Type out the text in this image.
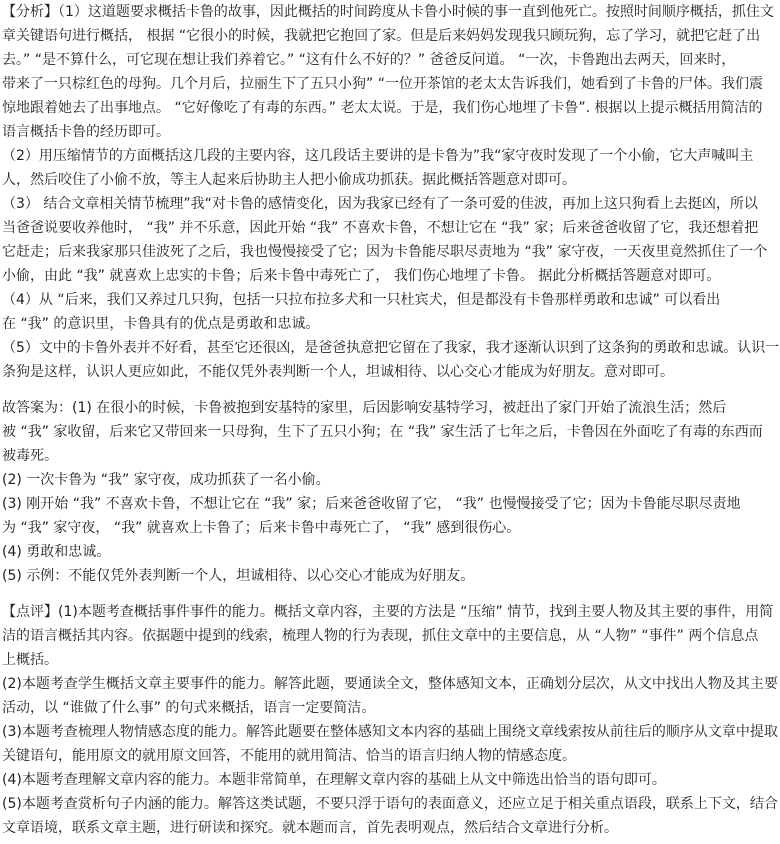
【分析】（1）这道题要求概括卡鲁的故事，因此概括的时间跨度从卡鲁小时候的事一直到他死亡。按照时间顺序概括，抓住文
章关键语句进行概括， 根据 “它很小的时候，我就把它抱回了家。但是后来妈妈发现我只顾玩狗，忘了学习，就把它赶了出
去。” “是不算什么，可它现在想让我们养着它。” “这有什么不好的？” 爸爸反问道。 “一次，卡鲁跑出去两天，回来时，
带来了一只棕红色的母狗。几个月后，拉丽生下了五只小狗” “一位开茶馆的老太太告诉我们，她看到了卡鲁的尸体。我们震
惊地跟着她去了出事地点。 “它好像吃了有毒的东西。” 老太太说。于是，我们伤心地埋了卡鲁”. 根据以上提示概括用简洁的
语言概括卡鲁的经历即可。
（2）用压缩情节的方面概括这几段的主要内容，这几段话主要讲的是卡鲁为”我“家守夜时发现了一个小偷，它大声喊叫主
人，然后咬住了小偷不放，等主人起来后协助主人把小偷成功抓获。据此概括答题意对即可。
（3） 结合文章相关情节梳理”我“对卡鲁的感情变化，因为我家已经有了一条可爱的佳波，再加上这只狗看上去挺凶，所以
当爸爸说要收养他时， “我” 并不乐意，因此开始 “我” 不喜欢卡鲁，不想让它在 “我” 家；后来爸爸收留了它，我还想着把
它赶走；后来我家那只佳波死了之后，我也慢慢接受了它；因为卡鲁能尽职尽责地为 “我” 家守夜，一天夜里竟然抓住了一个
小偷，由此 “我” 就喜欢上忠实的卡鲁；后来卡鲁中毒死亡了， 我们伤心地埋了卡鲁。 据此分析概括答题意对即可。
（4）从 “后来，我们又养过几只狗，包括一只拉布拉多犬和一只杜宾犬，但是都没有卡鲁那样勇敢和忠诚” 可以看出
在 “我” 的意识里，卡鲁具有的优点是勇敢和忠诚。
（5）文中的卡鲁外表并不好看，甚至它还很凶，是爸爸执意把它留在了我家，我才逐渐认识到了这条狗的勇敢和忠诚。认识一
条狗是这样，认识人更应如此，不能仅凭外表判断一个人，坦诚相待、以心交心才能成为好朋友。意对即可。
故答案为：(1) 在很小的时候，卡鲁被抱到安基特的家里，后因影响安基特学习，被赶出了家门开始了流浪生活；然后
被 “我” 家收留，后来它又带回来一只母狗，生下了五只小狗；在 “我” 家生活了七年之后，卡鲁因在外面吃了有毒的东西而
被毒死。
(2) 一次卡鲁为 “我” 家守夜，成功抓获了一名小偷。
(3) 刚开始 “我” 不喜欢卡鲁，不想让它在 “我” 家；后来爸爸收留了它， “我” 也慢慢接受了它；因为卡鲁能尽职尽责地
为 “我” 家守夜， “我” 就喜欢上卡鲁了；后来卡鲁中毒死亡了， “我” 感到很伤心。
(4) 勇敢和忠诚。
(5) 示例：不能仅凭外表判断一个人，坦诚相待、以心交心才能成为好朋友。
【点评】(1)本题考查概括事件事件的能力。概括文章内容，主要的方法是 “压缩” 情节，找到主要人物及其主要的事件，用简
洁的语言概括其内容。依据题中提到的线索，梳理人物的行为表现，抓住文章中的主要信息，从 “人物” “事件” 两个信息点
上概括。
(2)本题考查学生概括文章主要事件的能力。解答此题，要通读全文，整体感知文本，正确划分层次，从文中找出人物及其主要
活动，以 “谁做了什么事” 的句式来概括，语言一定要简洁。
(3)本题考查梳理人物情感态度的能力。解答此题要在整体感知文本内容的基础上围绕文章线索按从前往后的顺序从文章中提取
关键语句，能用原文的就用原文回答，不能用的就用简洁、恰当的语言归纳人物的情感态度。
(4)本题考查理解文章内容的能力。本题非常简单，在理解文章内容的基础上从文中筛选出恰当的语句即可。
(5)本题考查赏析句子内涵的能力。解答这类试题，不要只浮于语句的表面意义，还应立足于相关重点语段，联系上下文，结合
文章语境，联系文章主题，进行研读和探究。就本题而言，首先表明观点，然后结合文章进行分析。
